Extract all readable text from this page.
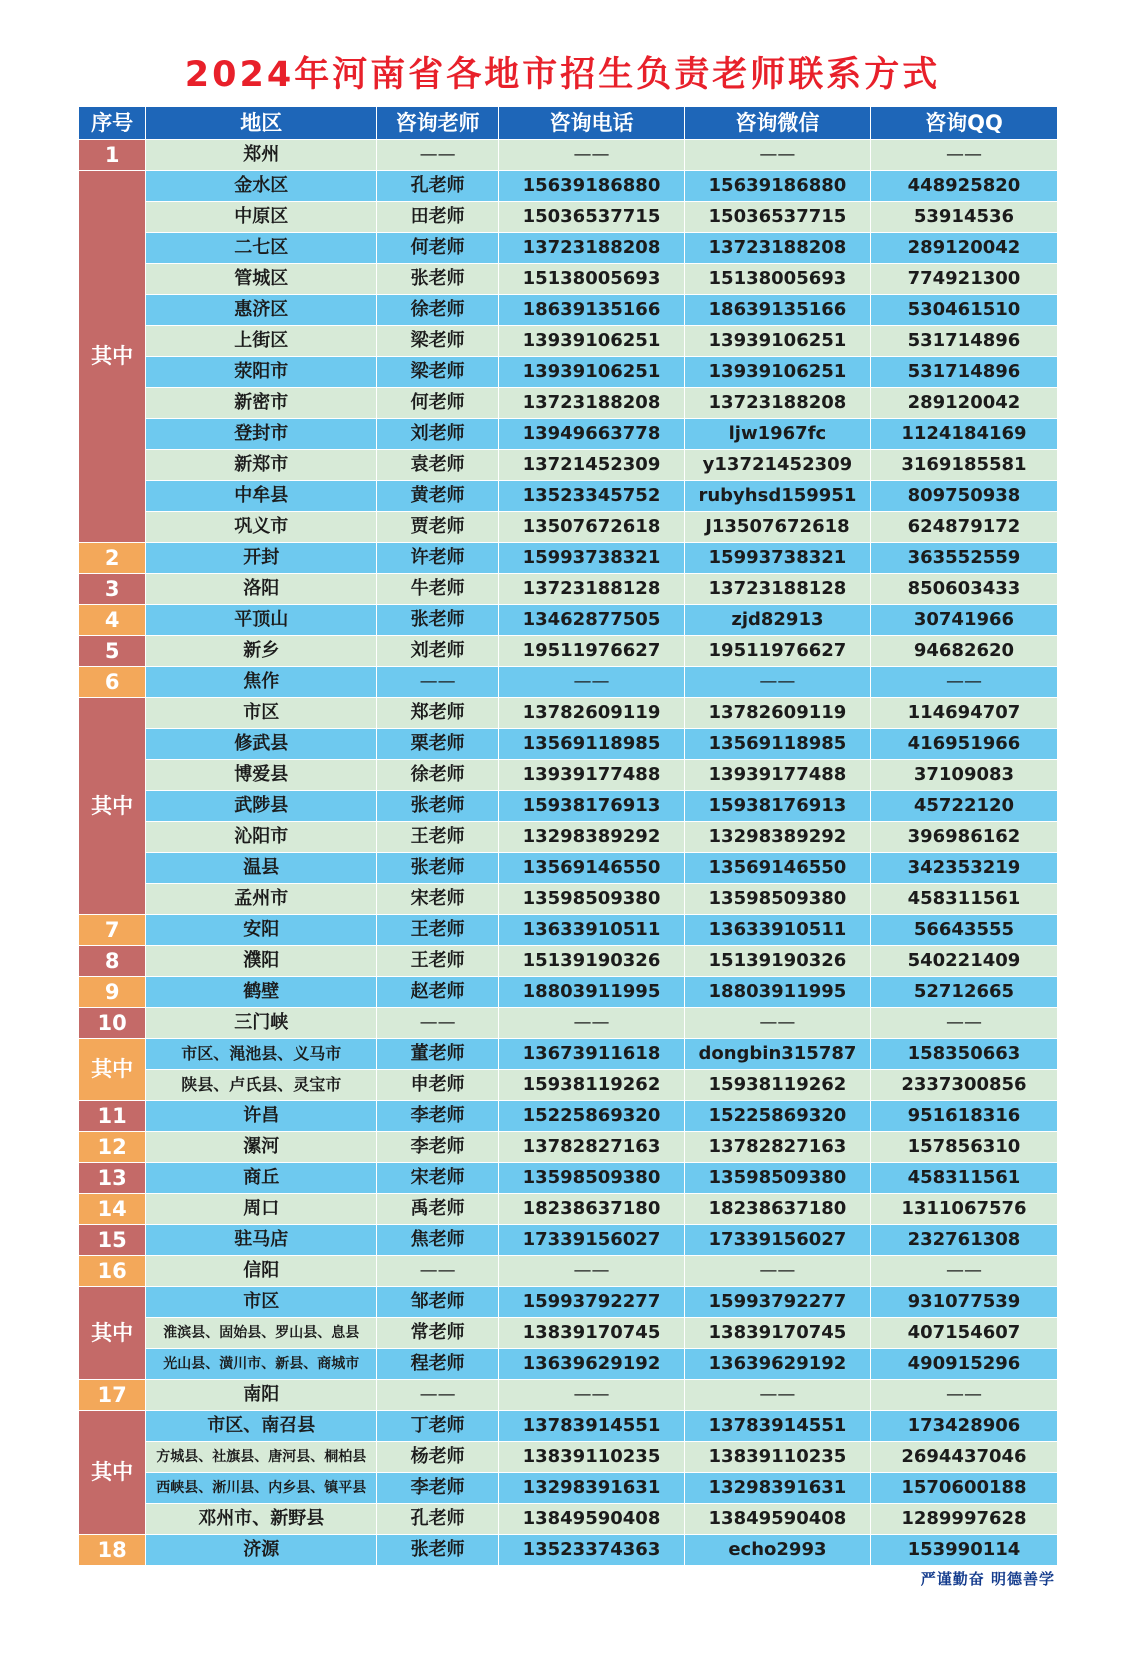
2024年河南省各地市招生负责老师联系方式
序号	地区	咨询老师	咨询电话	咨询微信	咨询QQ
1	郑州	——	——	——	——
其中	金水区	孔老师	15639186880	15639186880	448925820
	中原区	田老师	15036537715	15036537715	53914536
	二七区	何老师	13723188208	13723188208	289120042
	管城区	张老师	15138005693	15138005693	774921300
	惠济区	徐老师	18639135166	18639135166	530461510
	上街区	梁老师	13939106251	13939106251	531714896
	荥阳市	梁老师	13939106251	13939106251	531714896
	新密市	何老师	13723188208	13723188208	289120042
	登封市	刘老师	13949663778	ljw1967fc	1124184169
	新郑市	袁老师	13721452309	y13721452309	3169185581
	中牟县	黄老师	13523345752	rubyhsd159951	809750938
	巩义市	贾老师	13507672618	J13507672618	624879172
2	开封	许老师	15993738321	15993738321	363552559
3	洛阳	牛老师	13723188128	13723188128	850603433
4	平顶山	张老师	13462877505	zjd82913	30741966
5	新乡	刘老师	19511976627	19511976627	94682620
6	焦作	——	——	——	——
其中	市区	郑老师	13782609119	13782609119	114694707
	修武县	栗老师	13569118985	13569118985	416951966
	博爱县	徐老师	13939177488	13939177488	37109083
	武陟县	张老师	15938176913	15938176913	45722120
	沁阳市	王老师	13298389292	13298389292	396986162
	温县	张老师	13569146550	13569146550	342353219
	孟州市	宋老师	13598509380	13598509380	458311561
7	安阳	王老师	13633910511	13633910511	56643555
8	濮阳	王老师	15139190326	15139190326	540221409
9	鹤壁	赵老师	18803911995	18803911995	52712665
10	三门峡	——	——	——	——
其中	市区、渑池县、义马市	董老师	13673911618	dongbin315787	158350663
	陕县、卢氏县、灵宝市	申老师	15938119262	15938119262	2337300856
11	许昌	李老师	15225869320	15225869320	951618316
12	漯河	李老师	13782827163	13782827163	157856310
13	商丘	宋老师	13598509380	13598509380	458311561
14	周口	禹老师	18238637180	18238637180	1311067576
15	驻马店	焦老师	17339156027	17339156027	232761308
16	信阳	——	——	——	——
其中	市区	邹老师	15993792277	15993792277	931077539
	淮滨县、固始县、罗山县、息县	常老师	13839170745	13839170745	407154607
	光山县、潢川市、新县、商城市	程老师	13639629192	13639629192	490915296
17	南阳	——	——	——	——
其中	市区、南召县	丁老师	13783914551	13783914551	173428906
	方城县、社旗县、唐河县、桐柏县	杨老师	13839110235	13839110235	2694437046
	西峡县、淅川县、内乡县、镇平县	李老师	13298391631	13298391631	1570600188
	邓州市、新野县	孔老师	13849590408	13849590408	1289997628
18	济源	张老师	13523374363	echo2993	153990114
严谨勤奋 明德善学
